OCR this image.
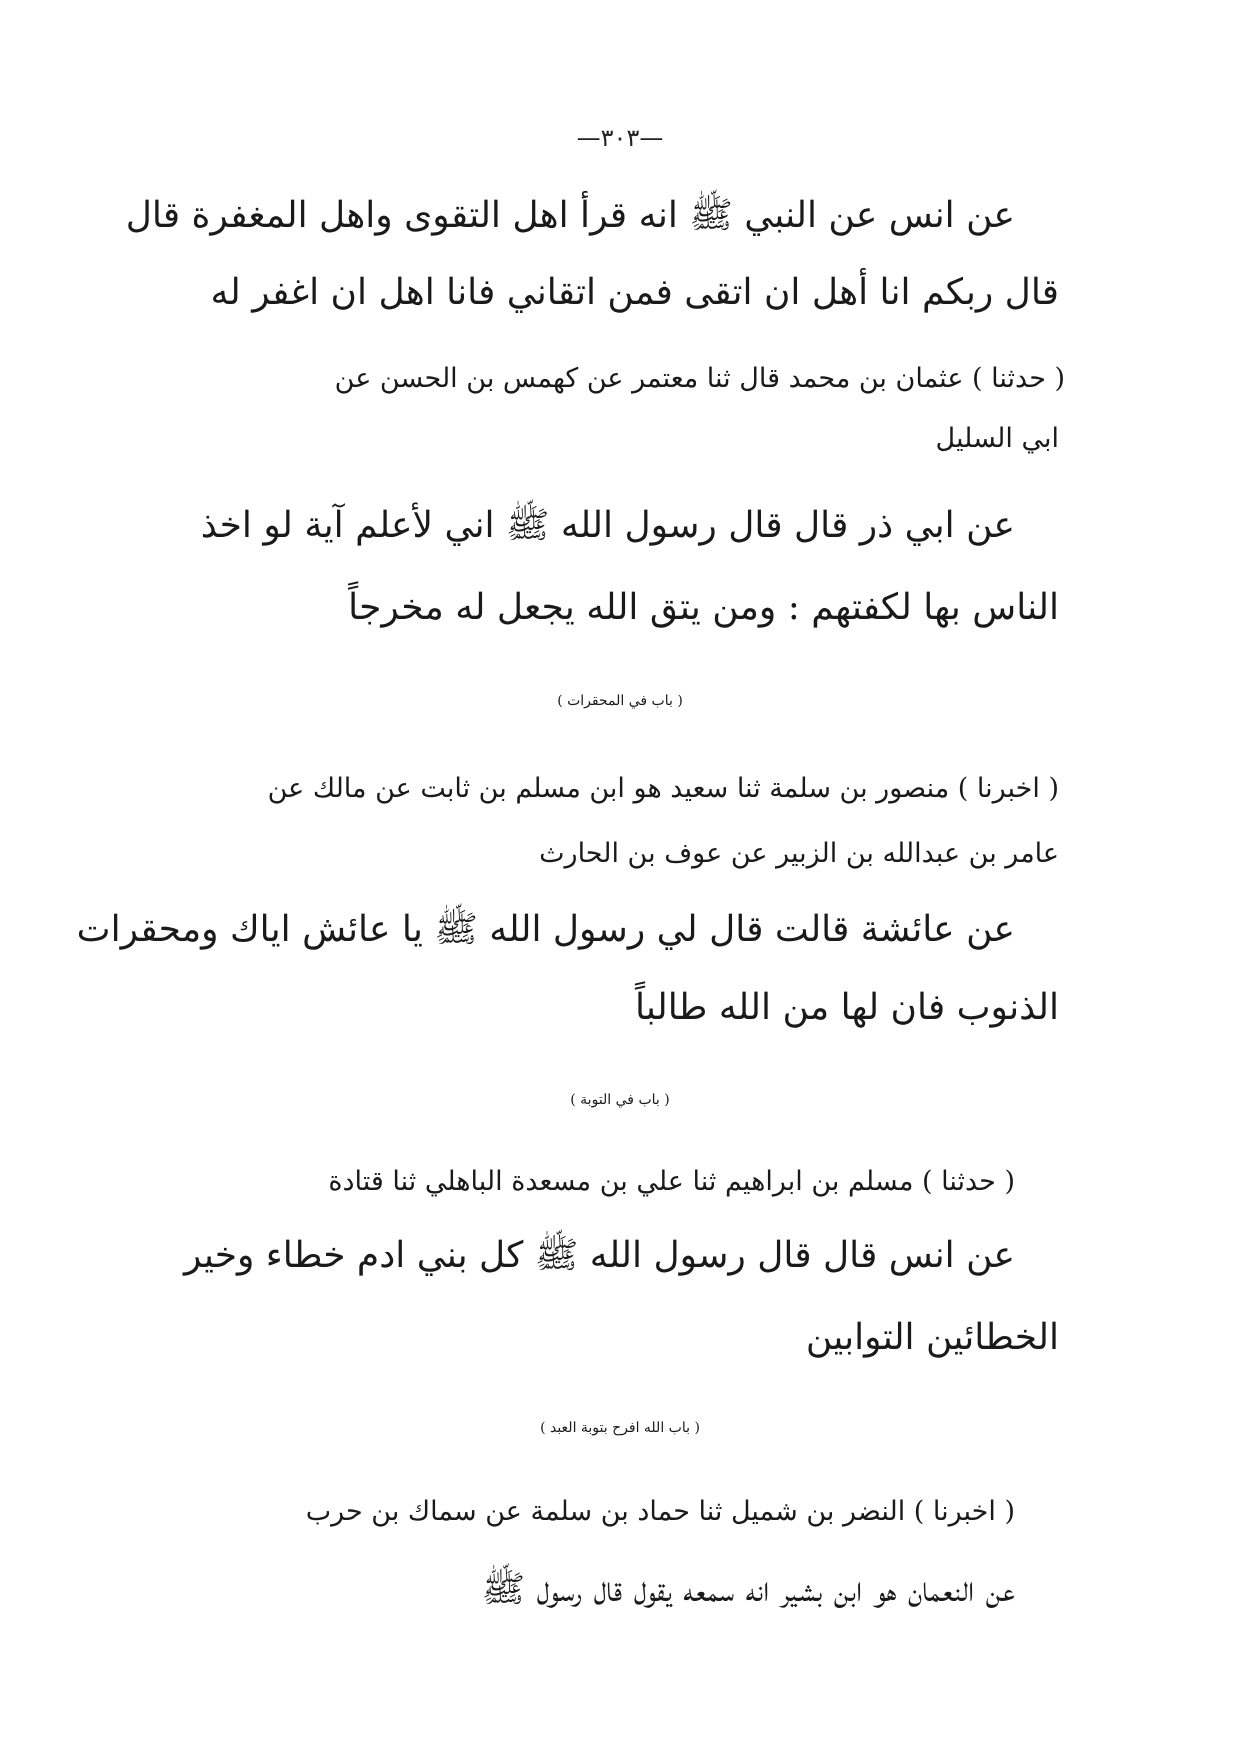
—٣٠٣—
عن انس عن النبي ﷺ انه قرأ اهل التقوى واهل المغفرة قال
قال ربكم انا أهل ان اتقى فمن اتقاني فانا اهل ان اغفر له
( حدثنا ) عثمان بن محمد قال ثنا معتمر عن كهمس بن الحسن عن
ابي السليل
عن ابي ذر قال قال رسول الله ﷺ اني لأعلم آية لو اخذ
الناس بها لكفتهم : ومن يتق الله يجعل له مخرجاً
( باب في المحقرات )
( اخبرنا ) منصور بن سلمة ثنا سعيد هو ابن مسلم بن ثابت عن مالك عن
عامر بن عبدالله بن الزبير عن عوف بن الحارث
عن عائشة قالت قال لي رسول الله ﷺ يا عائش اياك ومحقرات
الذنوب فان لها من الله طالباً
( باب في التوبة )
( حدثنا ) مسلم بن ابراهيم ثنا علي بن مسعدة الباهلي ثنا قتادة
عن انس قال قال رسول الله ﷺ كل بني ادم خطاء وخير
الخطائين التوابين
( باب الله افرح بتوبة العبد )
( اخبرنا ) النضر بن شميل ثنا حماد بن سلمة عن سماك بن حرب
عن النعمان هو ابن بشير انه سمعه يقول قال رسول ﷺ
